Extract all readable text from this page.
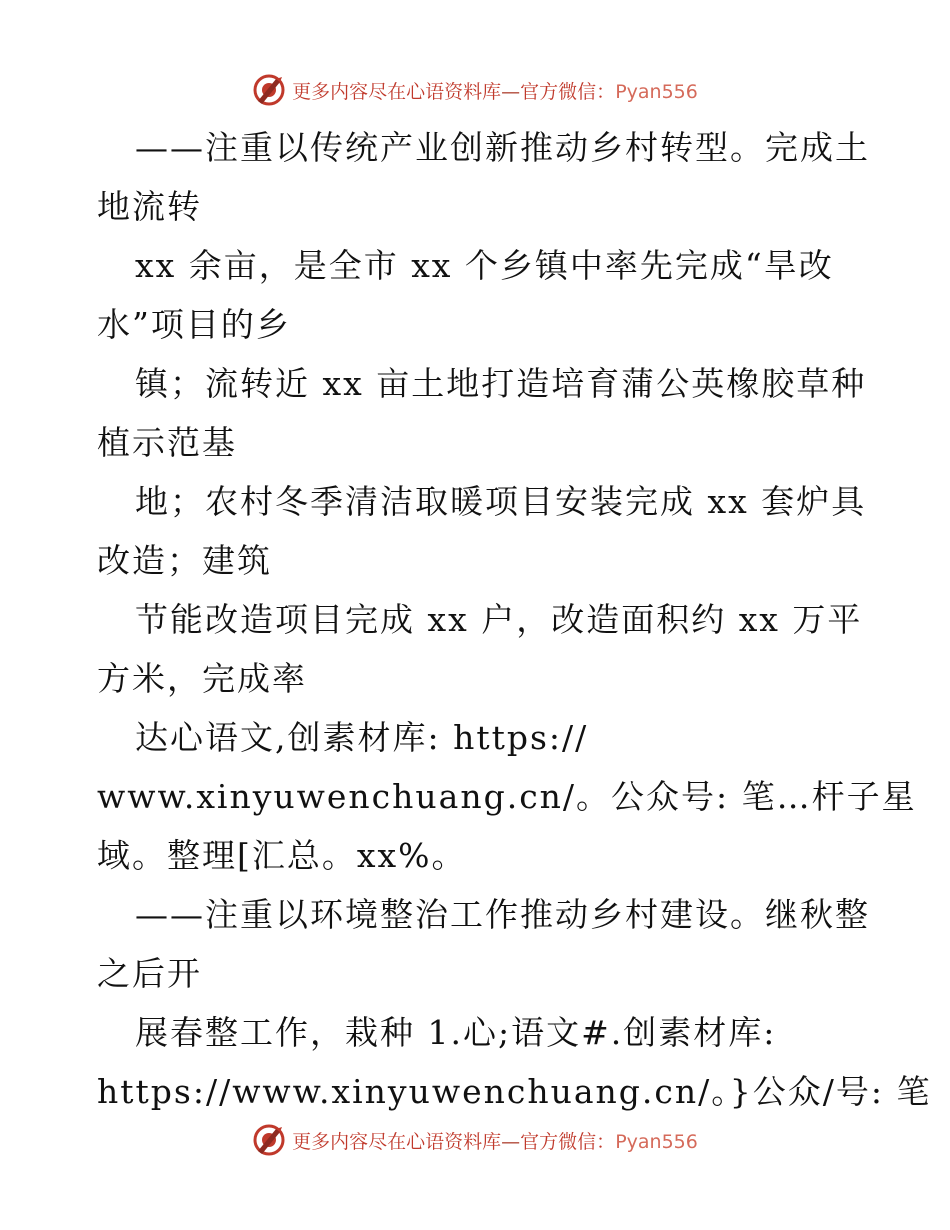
更多内容尽在心语资料库—官方微信：Pyan556
——注重以传统产业创新推动乡村转型。完成土
地流转
xx 余亩，是全市 xx 个乡镇中率先完成“旱改
水”项目的乡
镇；流转近 xx 亩土地打造培育蒲公英橡胶草种
植示范基
地；农村冬季清洁取暖项目安装完成 xx 套炉具
改造；建筑
节能改造项目完成 xx 户，改造面积约 xx 万平
方米，完成率
达心语文,创素材库: https://
www.xinyuwenchuang.cn/。公众号: 笔…杆子星
域。整理[汇总。xx%。
——注重以环境整治工作推动乡村建设。继秋整
之后开
展春整工作，栽种 1.心;语文#.创素材库:
https://www.xinyuwenchuang.cn/。}公众/号: 笔
更多内容尽在心语资料库—官方微信：Pyan556
